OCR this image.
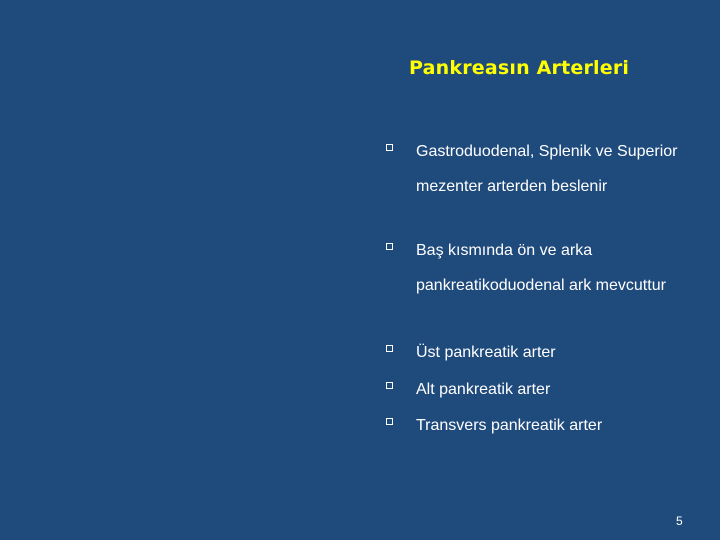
Pankreasın Arterleri
Gastroduodenal, Splenik ve Superior mezenter arterden beslenir
Baş kısmında ön ve arka pankreatikoduodenal ark mevcuttur
Üst pankreatik arter
Alt pankreatik arter
Transvers pankreatik arter
5
